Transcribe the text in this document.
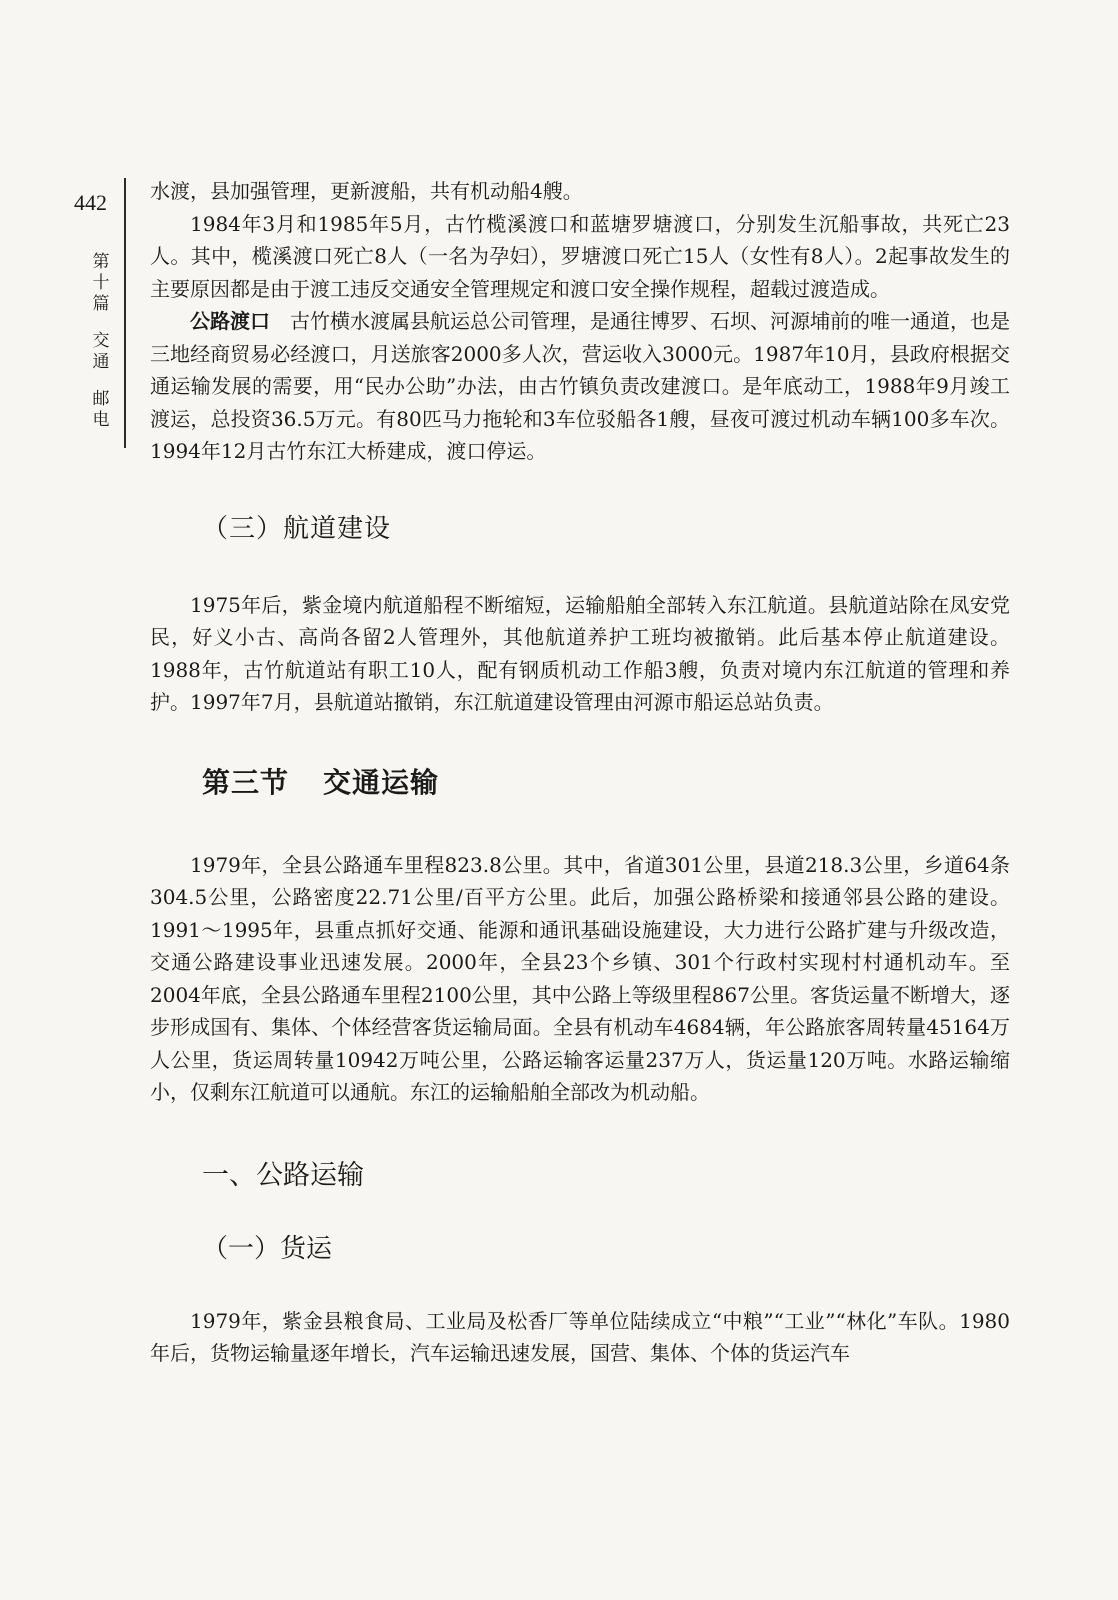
442
第
十
篇
交
通
邮
电

水渡，县加强管理，更新渡船，共有机动船4艘。

1984年3月和1985年5月，古竹榄溪渡口和蓝塘罗塘渡口，分别发生沉船事故，共死亡23人。其中，榄溪渡口死亡8人（一名为孕妇），罗塘渡口死亡15人（女性有8人）。2起事故发生的主要原因都是由于渡工违反交通安全管理规定和渡口安全操作规程，超载过渡造成。

公路渡口　 古竹横水渡属县航运总公司管理，是通往博罗、石坝、河源埔前的唯一通道，也是三地经商贸易必经渡口，月送旅客2000多人次，营运收入3000元。1987年10月，县政府根据交通运输发展的需要，用“民办公助”办法，由古竹镇负责改建渡口。是年底动工，1988年9月竣工渡运，总投资36.5万元。有80匹马力拖轮和3车位驳船各1艘，昼夜可渡过机动车辆100多车次。1994年12月古竹东江大桥建成，渡口停运。

（三）航道建设

1975年后，紫金境内航道船程不断缩短，运输船舶全部转入东江航道。县航道站除在凤安党民，好义小古、高尚各留2人管理外，其他航道养护工班均被撤销。此后基本停止航道建设。1988年，古竹航道站有职工10人，配有钢质机动工作船3艘，负责对境内东江航道的管理和养护。1997年7月，县航道站撤销，东江航道建设管理由河源市船运总站负责。

第三节 交通运输

1979年，全县公路通车里程823.8公里。其中，省道301公里，县道218.3公里，乡道64条304.5公里，公路密度22.71公里/百平方公里。此后，加强公路桥梁和接通邻县公路的建设。1991～1995年，县重点抓好交通、能源和通讯基础设施建设，大力进行公路扩建与升级改造，交通公路建设事业迅速发展。2000年，全县23个乡镇、301个行政村实现村村通机动车。至2004年底，全县公路通车里程2100公里，其中公路上等级里程867公里。客货运量不断增大，逐步形成国有、集体、个体经营客货运输局面。全县有机动车4684辆，年公路旅客周转量45164万人公里，货运周转量10942万吨公里，公路运输客运量237万人，货运量120万吨。水路运输缩小，仅剩东江航道可以通航。东江的运输船舶全部改为机动船。

一、公路运输
（一）货运

1979年，紫金县粮食局、工业局及松香厂等单位陆续成立“中粮”“工业”“林化”车队。1980年后，货物运输量逐年增长，汽车运输迅速发展，国营、集体、个体的货运汽车
